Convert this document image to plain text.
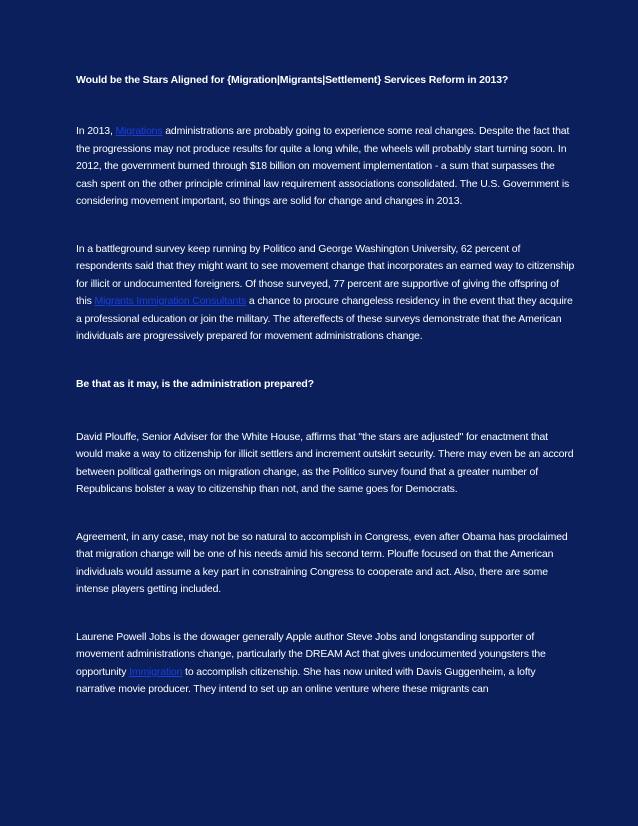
Would be the Stars Aligned for {Migration|Migrants|Settlement} Services Reform in 2013?

In 2013, Migrations administrations are probably going to experience some real changes. Despite the fact that the progressions may not produce results for quite a long while, the wheels will probably start turning soon. In 2012, the government burned through $18 billion on movement implementation - a sum that surpasses the cash spent on the other principle criminal law requirement associations consolidated. The U.S. Government is considering movement important, so things are solid for change and changes in 2013.

In a battleground survey keep running by Politico and George Washington University, 62 percent of respondents said that they might want to see movement change that incorporates an earned way to citizenship for illicit or undocumented foreigners. Of those surveyed, 77 percent are supportive of giving the offspring of this Migrants Immigration Consultants a chance to procure changeless residency in the event that they acquire a professional education or join the military. The aftereffects of these surveys demonstrate that the American individuals are progressively prepared for movement administrations change.

Be that as it may, is the administration prepared?

David Plouffe, Senior Adviser for the White House, affirms that "the stars are adjusted" for enactment that would make a way to citizenship for illicit settlers and increment outskirt security. There may even be an accord between political gatherings on migration change, as the Politico survey found that a greater number of Republicans bolster a way to citizenship than not, and the same goes for Democrats.

Agreement, in any case, may not be so natural to accomplish in Congress, even after Obama has proclaimed that migration change will be one of his needs amid his second term. Plouffe focused on that the American individuals would assume a key part in constraining Congress to cooperate and act. Also, there are some intense players getting included.

Laurene Powell Jobs is the dowager generally Apple author Steve Jobs and longstanding supporter of movement administrations change, particularly the DREAM Act that gives undocumented youngsters the opportunity Immigration to accomplish citizenship. She has now united with Davis Guggenheim, a lofty narrative movie producer. They intend to set up an online venture where these migrants can
